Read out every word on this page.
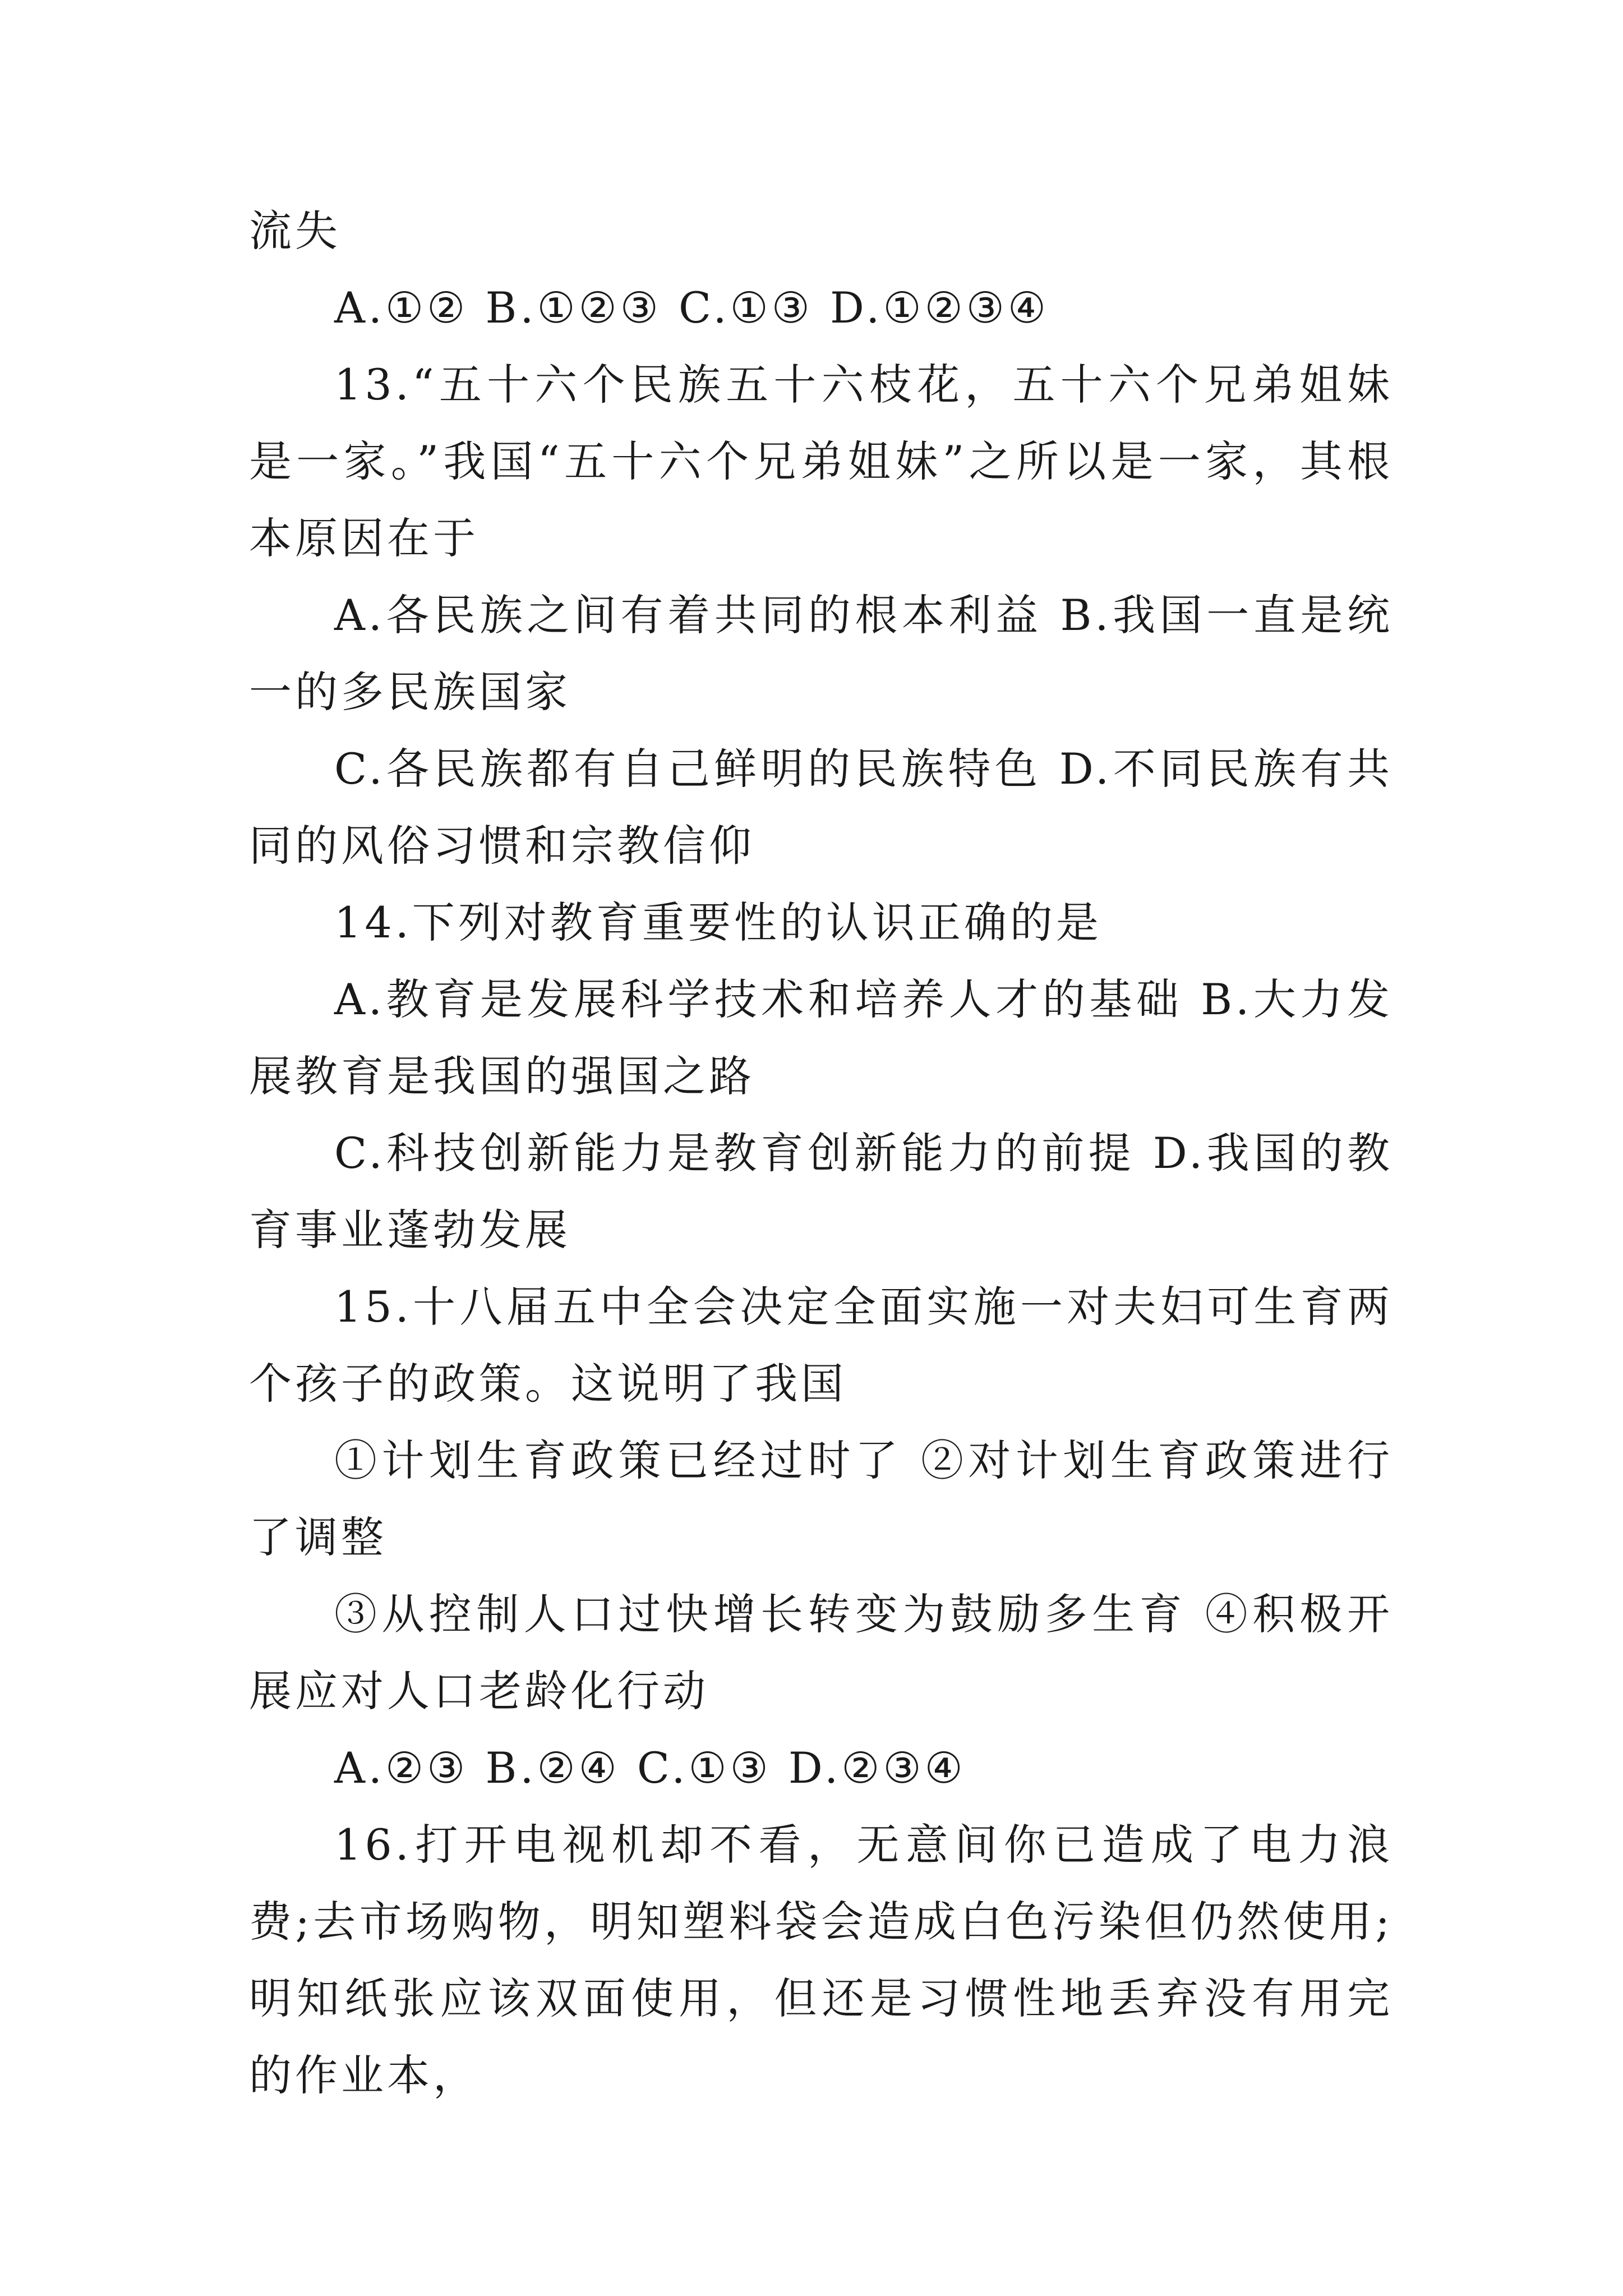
流失

A.①② B.①②③ C.①③ D.①②③④

13.“五十六个民族五十六枝花，五十六个兄弟姐妹是一家。”我国“五十六个兄弟姐妹”之所以是一家，其根本原因在于

A.各民族之间有着共同的根本利益 B.我国一直是统一的多民族国家

C.各民族都有自己鲜明的民族特色 D.不同民族有共同的风俗习惯和宗教信仰

14.下列对教育重要性的认识正确的是

A.教育是发展科学技术和培养人才的基础 B.大力发展教育是我国的强国之路

C.科技创新能力是教育创新能力的前提 D.我国的教育事业蓬勃发展

15.十八届五中全会决定全面实施一对夫妇可生育两个孩子的政策。这说明了我国

①计划生育政策已经过时了 ②对计划生育政策进行了调整

③从控制人口过快增长转变为鼓励多生育 ④积极开展应对人口老龄化行动

A.②③ B.②④ C.①③ D.②③④

16.打开电视机却不看，无意间你已造成了电力浪费;去市场购物，明知塑料袋会造成白色污染但仍然使用;明知纸张应该双面使用，但还是习惯性地丢弃没有用完的作业本，
